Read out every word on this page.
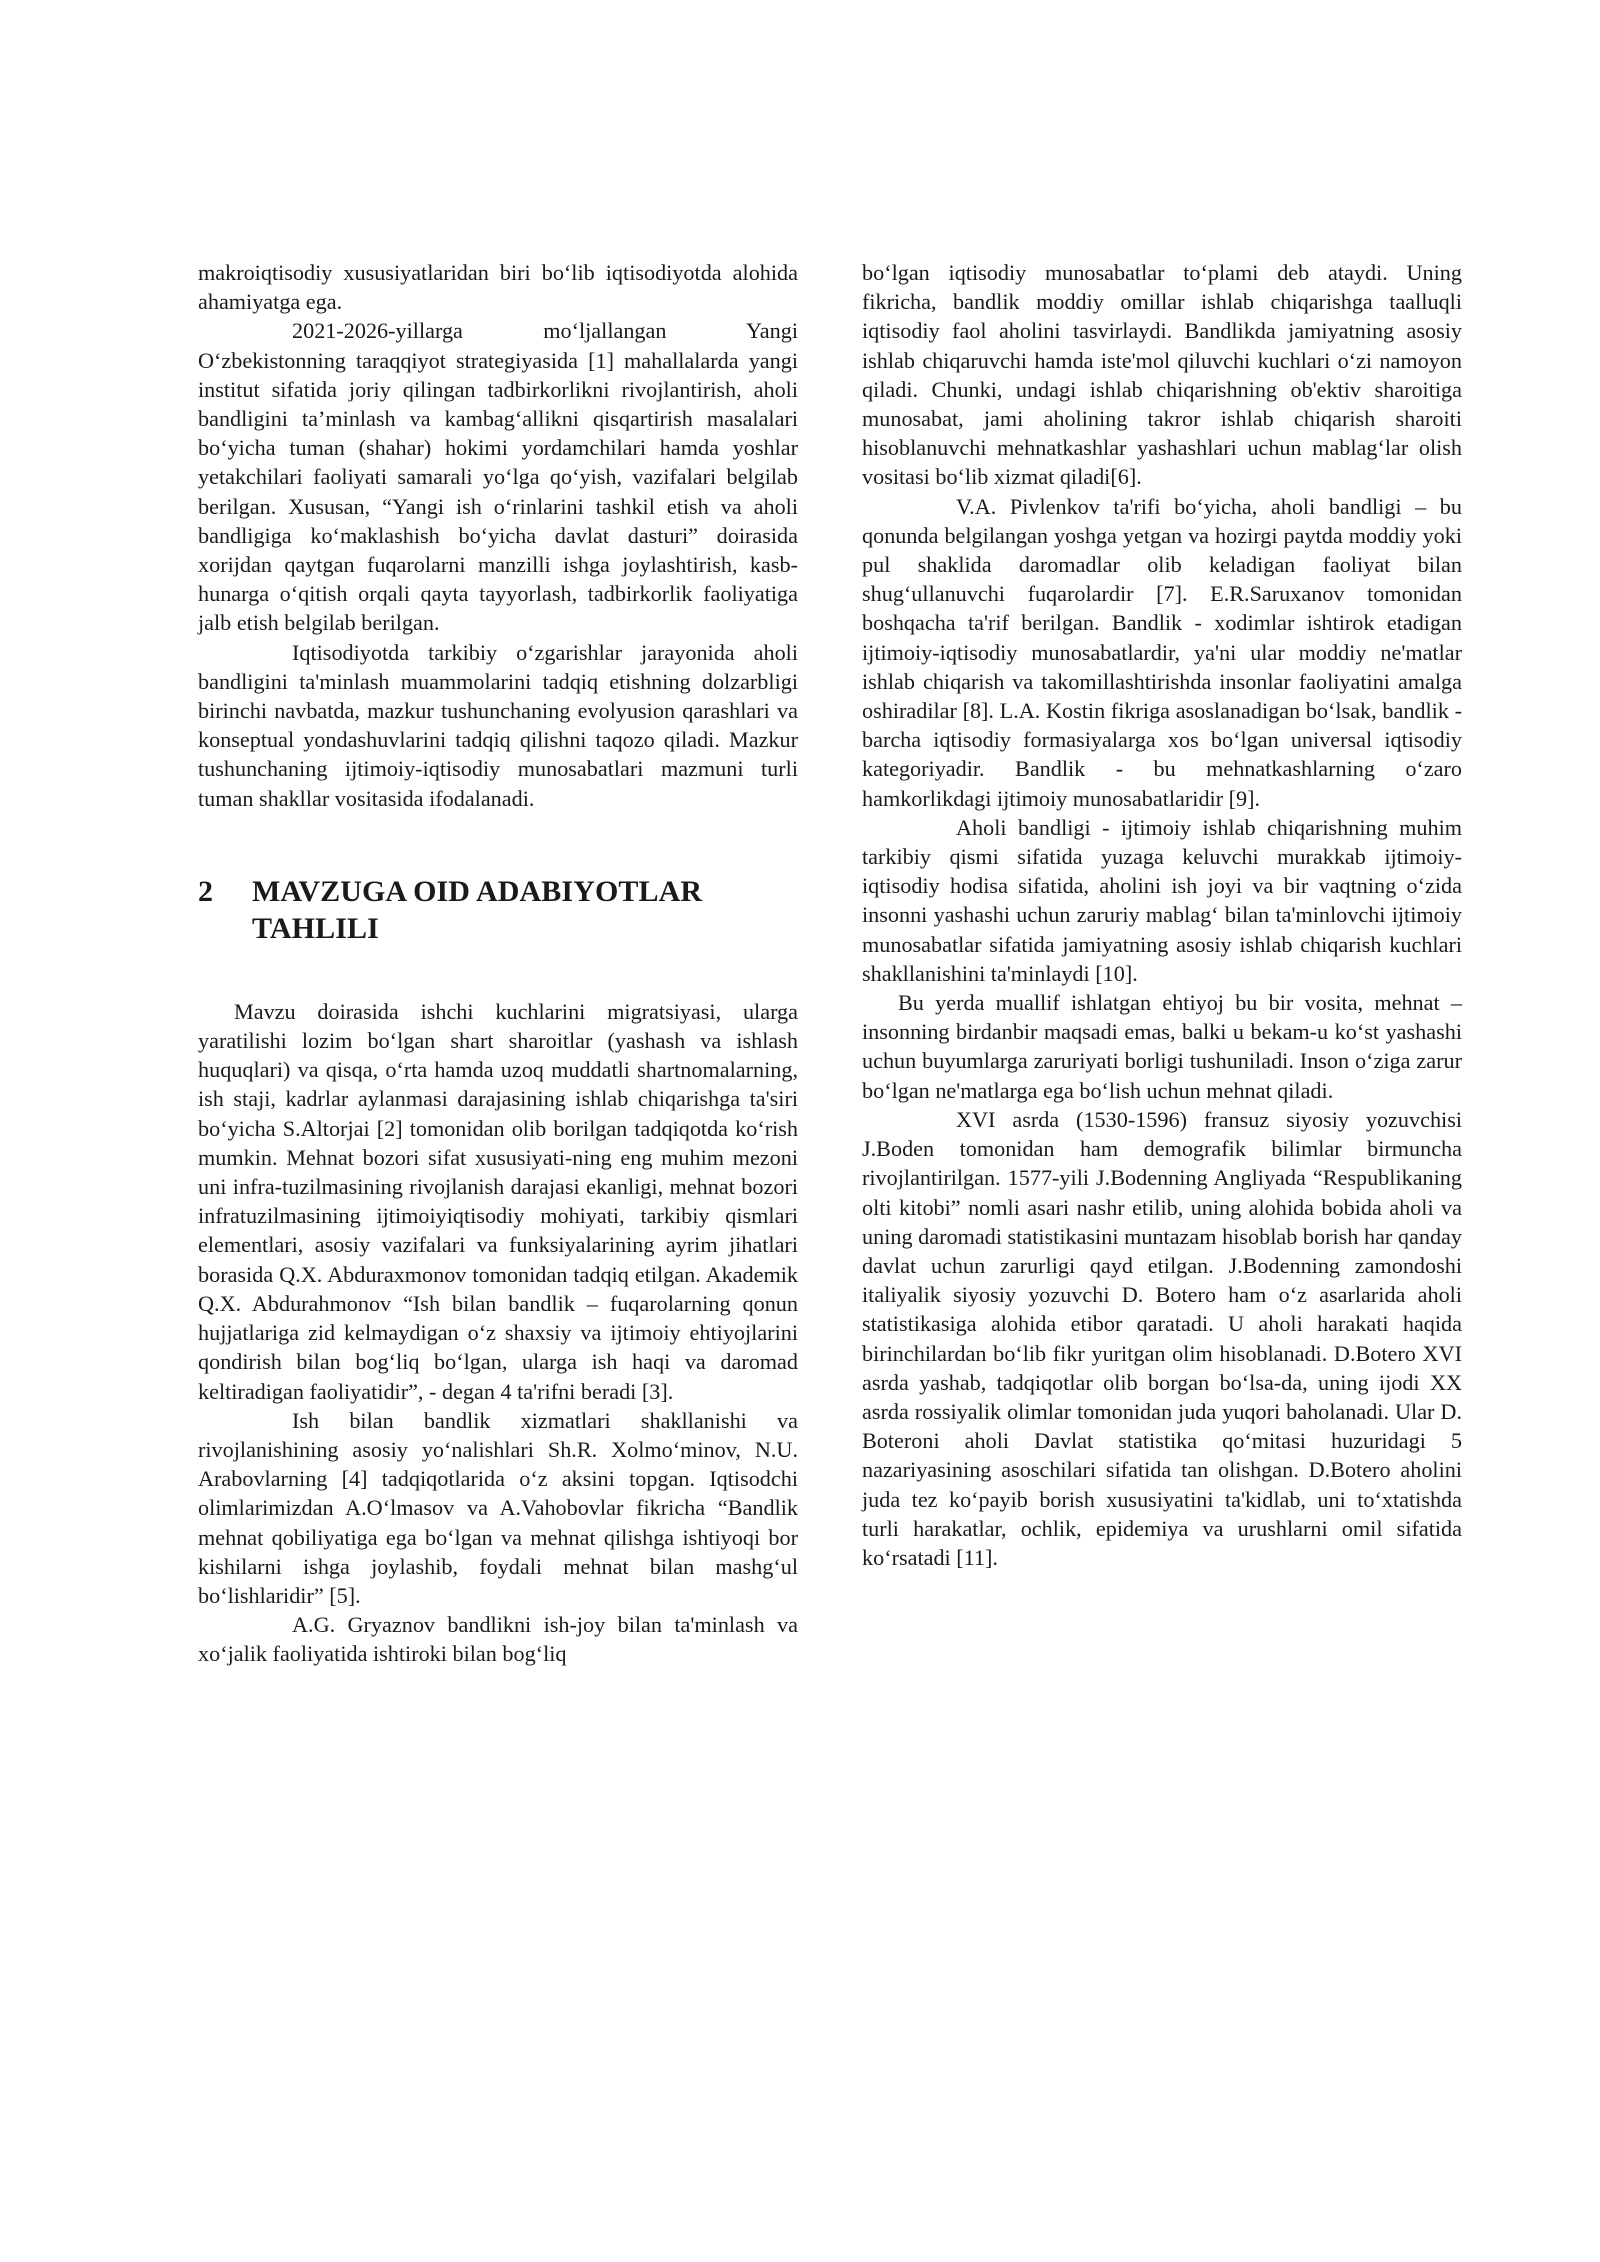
makroiqtisodiy xususiyatlaridan biri bo‘lib iqtisodiyotda alohida ahamiyatga ega.

2021-2026-yillarga mo‘ljallangan Yangi O‘zbekistonning taraqqiyot strategiyasida [1] mahallalarda yangi institut sifatida joriy qilingan tadbirkorlikni rivojlantirish, aholi bandligini ta’minlash va kambag‘allikni qisqartirish masalalari bo‘yicha tuman (shahar) hokimi yordamchilari hamda yoshlar yetakchilari faoliyati samarali yo‘lga qo‘yish, vazifalari belgilab berilgan. Xususan, “Yangi ish o‘rinlarini tashkil etish va aholi bandligiga ko‘maklashish bo‘yicha davlat dasturi” doirasida xorijdan qaytgan fuqarolarni manzilli ishga joylashtirish, kasb-hunarga o‘qitish orqali qayta tayyorlash, tadbirkorlik faoliyatiga jalb etish belgilab berilgan.

Iqtisodiyotda tarkibiy o‘zgarishlar jarayonida aholi bandligini ta'minlash muammolarini tadqiq etishning dolzarbligi birinchi navbatda, mazkur tushunchaning evolyusion qarashlari va konseptual yondashuvlarini tadqiq qilishni taqozo qiladi. Mazkur tushunchaning ijtimoiy-iqtisodiy munosabatlari mazmuni turli tuman shakllar vositasida ifodalanadi.

2	MAVZUGA OID ADABIYOTLAR TAHLILI

Mavzu doirasida ishchi kuchlarini migratsiyasi, ularga yaratilishi lozim bo‘lgan shart sharoitlar (yashash va ishlash huquqlari) va qisqa, o‘rta hamda uzoq muddatli shartnomalarning, ish staji, kadrlar aylanmasi darajasining ishlab chiqarishga ta'siri bo‘yicha S.Altorjai [2] tomonidan olib borilgan tadqiqotda ko‘rish mumkin. Mehnat bozori sifat xususiyati-ning eng muhim mezoni uni infra-tuzilmasining rivojlanish darajasi ekanligi, mehnat bozori infratuzilmasining ijtimoiyiqtisodiy mohiyati, tarkibiy qismlari elementlari, asosiy vazifalari va funksiyalarining ayrim jihatlari borasida Q.X. Abduraxmonov tomonidan tadqiq etilgan. Akademik Q.X. Abdurahmonov “Ish bilan bandlik – fuqarolarning qonun hujjatlariga zid kelmaydigan o‘z shaxsiy va ijtimoiy ehtiyojlarini qondirish bilan bog‘liq bo‘lgan, ularga ish haqi va daromad keltiradigan faoliyatidir”, - degan 4 ta'rifni beradi [3].

Ish bilan bandlik xizmatlari shakllanishi va rivojlanishining asosiy yo‘nalishlari Sh.R. Xolmo‘minov, N.U. Arabovlarning [4] tadqiqotlarida o‘z aksini topgan. Iqtisodchi olimlarimizdan A.O‘lmasov va A.Vahobovlar fikricha “Bandlik mehnat qobiliyatiga ega bo‘lgan va mehnat qilishga ishtiyoqi bor kishilarni ishga joylashib, foydali mehnat bilan mashg‘ul bo‘lishlaridir” [5].

A.G. Gryaznov bandlikni ish-joy bilan ta'minlash va xo‘jalik faoliyatida ishtiroki bilan bog‘liq

bo‘lgan iqtisodiy munosabatlar to‘plami deb ataydi. Uning fikricha, bandlik moddiy omillar ishlab chiqarishga taalluqli iqtisodiy faol aholini tasvirlaydi. Bandlikda jamiyatning asosiy ishlab chiqaruvchi hamda iste'mol qiluvchi kuchlari o‘zi namoyon qiladi. Chunki, undagi ishlab chiqarishning ob'ektiv sharoitiga munosabat, jami aholining takror ishlab chiqarish sharoiti hisoblanuvchi mehnatkashlar yashashlari uchun mablag‘lar olish vositasi bo‘lib xizmat qiladi[6].

V.A. Pivlenkov ta'rifi bo‘yicha, aholi bandligi – bu qonunda belgilangan yoshga yetgan va hozirgi paytda moddiy yoki pul shaklida daromadlar olib keladigan faoliyat bilan shug‘ullanuvchi fuqarolardir [7]. E.R.Saruxanov tomonidan boshqacha ta'rif berilgan. Bandlik - xodimlar ishtirok etadigan ijtimoiy-iqtisodiy munosabatlardir, ya'ni ular moddiy ne'matlar ishlab chiqarish va takomillashtirishda insonlar faoliyatini amalga oshiradilar [8]. L.A. Kostin fikriga asoslanadigan bo‘lsak, bandlik - barcha iqtisodiy formasiyalarga xos bo‘lgan universal iqtisodiy kategoriyadir. Bandlik - bu mehnatkashlarning o‘zaro hamkorlikdagi ijtimoiy munosabatlaridir [9].

Aholi bandligi - ijtimoiy ishlab chiqarishning muhim tarkibiy qismi sifatida yuzaga keluvchi murakkab ijtimoiy-iqtisodiy hodisa sifatida, aholini ish joyi va bir vaqtning o‘zida insonni yashashi uchun zaruriy mablag‘ bilan ta'minlovchi ijtimoiy munosabatlar sifatida jamiyatning asosiy ishlab chiqarish kuchlari shakllanishini ta'minlaydi [10].

Bu yerda muallif ishlatgan ehtiyoj bu bir vosita, mehnat – insonning birdanbir maqsadi emas, balki u bekam-u ko‘st yashashi uchun buyumlarga zaruriyati borligi tushuniladi. Inson o‘ziga zarur bo‘lgan ne'matlarga ega bo‘lish uchun mehnat qiladi.

XVI asrda (1530-1596) fransuz siyosiy yozuvchisi J.Boden tomonidan ham demografik bilimlar birmuncha rivojlantirilgan. 1577-yili J.Bodenning Angliyada “Respublikaning olti kitobi” nomli asari nashr etilib, uning alohida bobida aholi va uning daromadi statistikasini muntazam hisoblab borish har qanday davlat uchun zarurligi qayd etilgan. J.Bodenning zamondoshi italiyalik siyosiy yozuvchi D. Botero ham o‘z asarlarida aholi statistikasiga alohida etibor qaratadi. U aholi harakati haqida birinchilardan bo‘lib fikr yuritgan olim hisoblanadi. D.Botero XVI asrda yashab, tadqiqotlar olib borgan bo‘lsa-da, uning ijodi XX asrda rossiyalik olimlar tomonidan juda yuqori baholanadi. Ular D. Boteroni aholi Davlat statistika qo‘mitasi huzuridagi 5 nazariyasining asoschilari sifatida tan olishgan. D.Botero aholini juda tez ko‘payib borish xususiyatini ta'kidlab, uni to‘xtatishda turli harakatlar, ochlik, epidemiya va urushlarni omil sifatida ko‘rsatadi [11].
